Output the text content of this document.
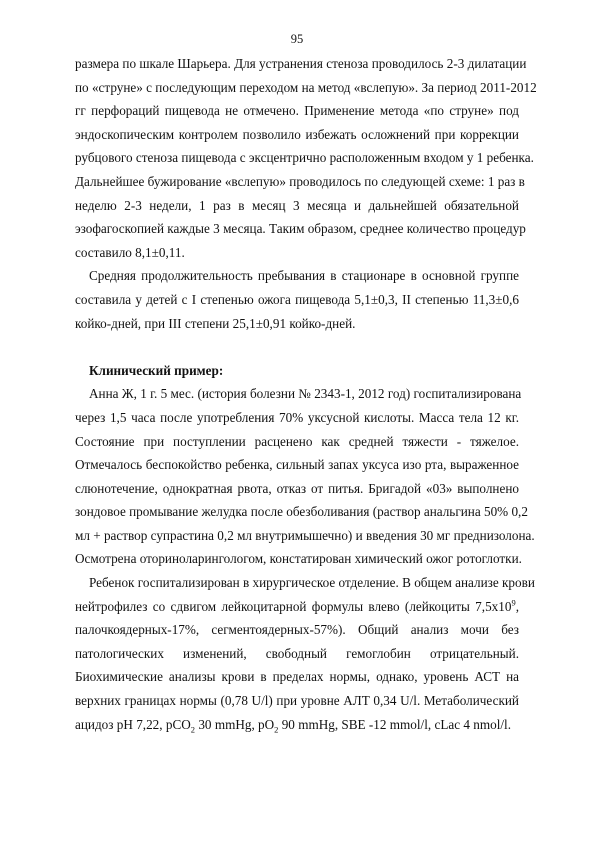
95
размера по шкале Шарьера. Для устранения стеноза проводилось 2-3 дилатации
по «струне» с последующим переходом на метод «вслепую». За период 2011-2012
гг перфораций пищевода не отмечено. Применение метода «по струне» под
эндоскопическим контролем позволило избежать осложнений при коррекции
рубцового стеноза пищевода с эксцентрично расположенным входом у 1 ребенка.
Дальнейшее бужирование «вслепую» проводилось по следующей схеме: 1 раз в
неделю 2-3 недели, 1 раз в месяц 3 месяца и дальнейшей обязательной
эзофагоскопией каждые 3 месяца. Таким образом, среднее количество процедур
составило 8,1±0,11.
Средняя продолжительность пребывания в стационаре в основной группе
составила у детей с I степенью ожога пищевода 5,1±0,3, II степенью 11,3±0,6
койко-дней, при III степени 25,1±0,91 койко-дней.
Клинический пример:
Анна Ж, 1 г. 5 мес. (история болезни № 2343-1, 2012 год) госпитализирована
через 1,5 часа после употребления 70% уксусной кислоты. Масса тела 12 кг.
Состояние при поступлении расценено как средней тяжести - тяжелое.
Отмечалось беспокойство ребенка, сильный запах уксуса изо рта, выраженное
слюнотечение, однократная рвота, отказ от питья. Бригадой «03» выполнено
зондовое промывание желудка после обезболивания (раствор анальгина 50% 0,2
мл + раствор супрастина 0,2 мл внутримышечно) и введения 30 мг преднизолона.
Осмотрена оториноларингологом, констатирован химический ожог ротоглотки.
Ребенок госпитализирован в хирургическое отделение. В общем анализе крови
нейтрофилез со сдвигом лейкоцитарной формулы влево (лейкоциты $7,5х10^9$,
палочкоядерных-17%, сегментоядерных-57%). Общий анализ мочи без
патологических изменений, свободный гемоглобин отрицательный.
Биохимические анализы крови в пределах нормы, однако, уровень АСТ на
верхних границах нормы (0,78 U/l) при уровне АЛТ 0,34 U/l. Метаболический
ацидоз pH 7,22, pCO$_2$ 30 mmHg, $pO_2$ 90 mmHg, SBE -12 mmol/l, cLac 4 nmol/l.
